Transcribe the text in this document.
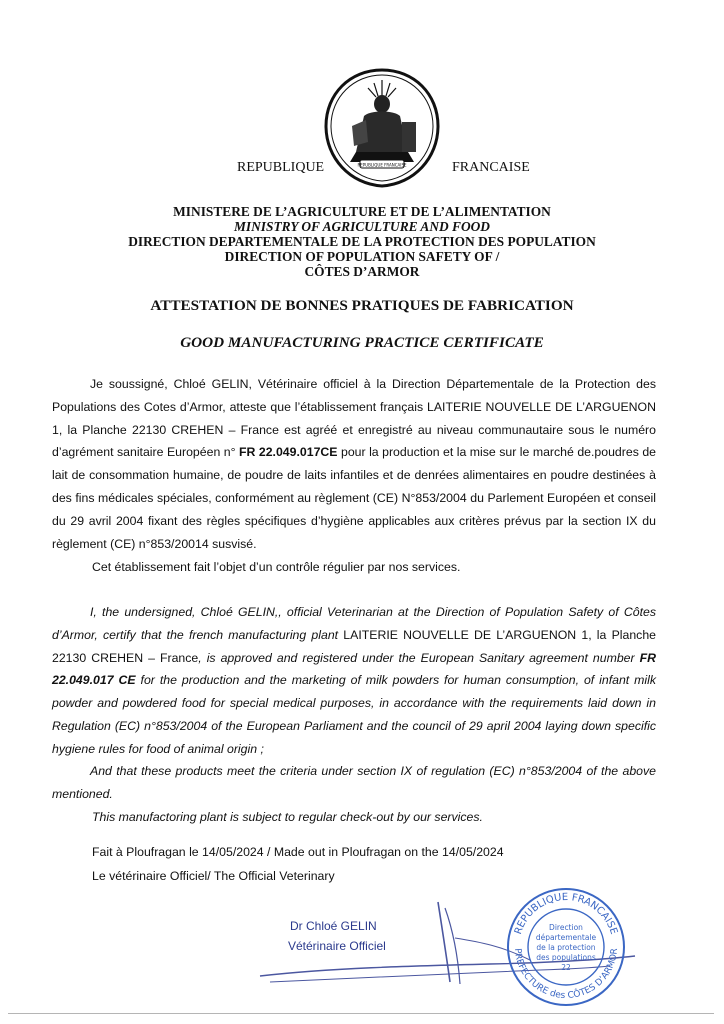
REPUBLIQUE FRANCAISE
REPUBLIQUE	FRANCAISE
MINISTERE DE L’AGRICULTURE ET DE L’ALIMENTATION
MINISTRY OF AGRICULTURE AND FOOD
DIRECTION DEPARTEMENTALE DE LA PROTECTION DES POPULATION
DIRECTION OF POPULATION SAFETY OF /
CÔTES D’ARMOR
ATTESTATION DE BONNES PRATIQUES DE FABRICATION
GOOD MANUFACTURING PRACTICE CERTIFICATE
Je soussigné, Chloé GELIN, Vétérinaire officiel à la Direction Départementale de la Protection des Populations des Cotes d’Armor, atteste que l’établissement français LAITERIE NOUVELLE DE L’ARGUENON 1, la Planche 22130 CREHEN – France est agréé et enregistré au niveau communautaire sous le numéro d’agrément sanitaire Européen n° FR 22.049.017CE pour la production et la mise sur le marché de.poudres de lait de consommation humaine, de poudre de laits infantiles et de denrées alimentaires en poudre destinées à des fins médicales spéciales, conformément au règlement (CE) N°853/2004 du Parlement Européen et conseil du 29 avril 2004 fixant des règles spécifiques d’hygiène applicables aux critères prévus par la section IX du règlement (CE) n°853/20014 susvisé.
Cet établissement fait l’objet d’un contrôle régulier par nos services.
I, the undersigned, Chloé GELIN,, official Veterinarian at the Direction of Population Safety of Côtes d’Armor, certify that the french manufacturing plant LAITERIE NOUVELLE DE L’ARGUENON 1, la Planche 22130 CREHEN – France, is approved and registered under the European Sanitary agreement number FR 22.049.017 CE for the production and the marketing of milk powders for human consumption, of infant milk powder and powdered food for special medical purposes, in accordance with the requirements laid down in Regulation (EC) n°853/2004 of the European Parliament and the council of 29 april 2004 laying down specific hygiene rules for food of animal origin ;
And that these products meet the criteria under section IX of regulation (EC) n°853/2004 of the above mentioned.
This manufactoring plant is subject to regular check-out by our services.
Fait à Ploufragan le 14/05/2024 / Made out in Ploufragan on the 14/05/2024
Le vétérinaire Officiel/ The Official Veterinary
Dr Chloé GELIN
Vétérinaire Officiel
REPUBLIQUE FRANCAISE
PREFECTURE des CÔTES D’ARMOR
Direction
départementale
de la protection
des populations
22
